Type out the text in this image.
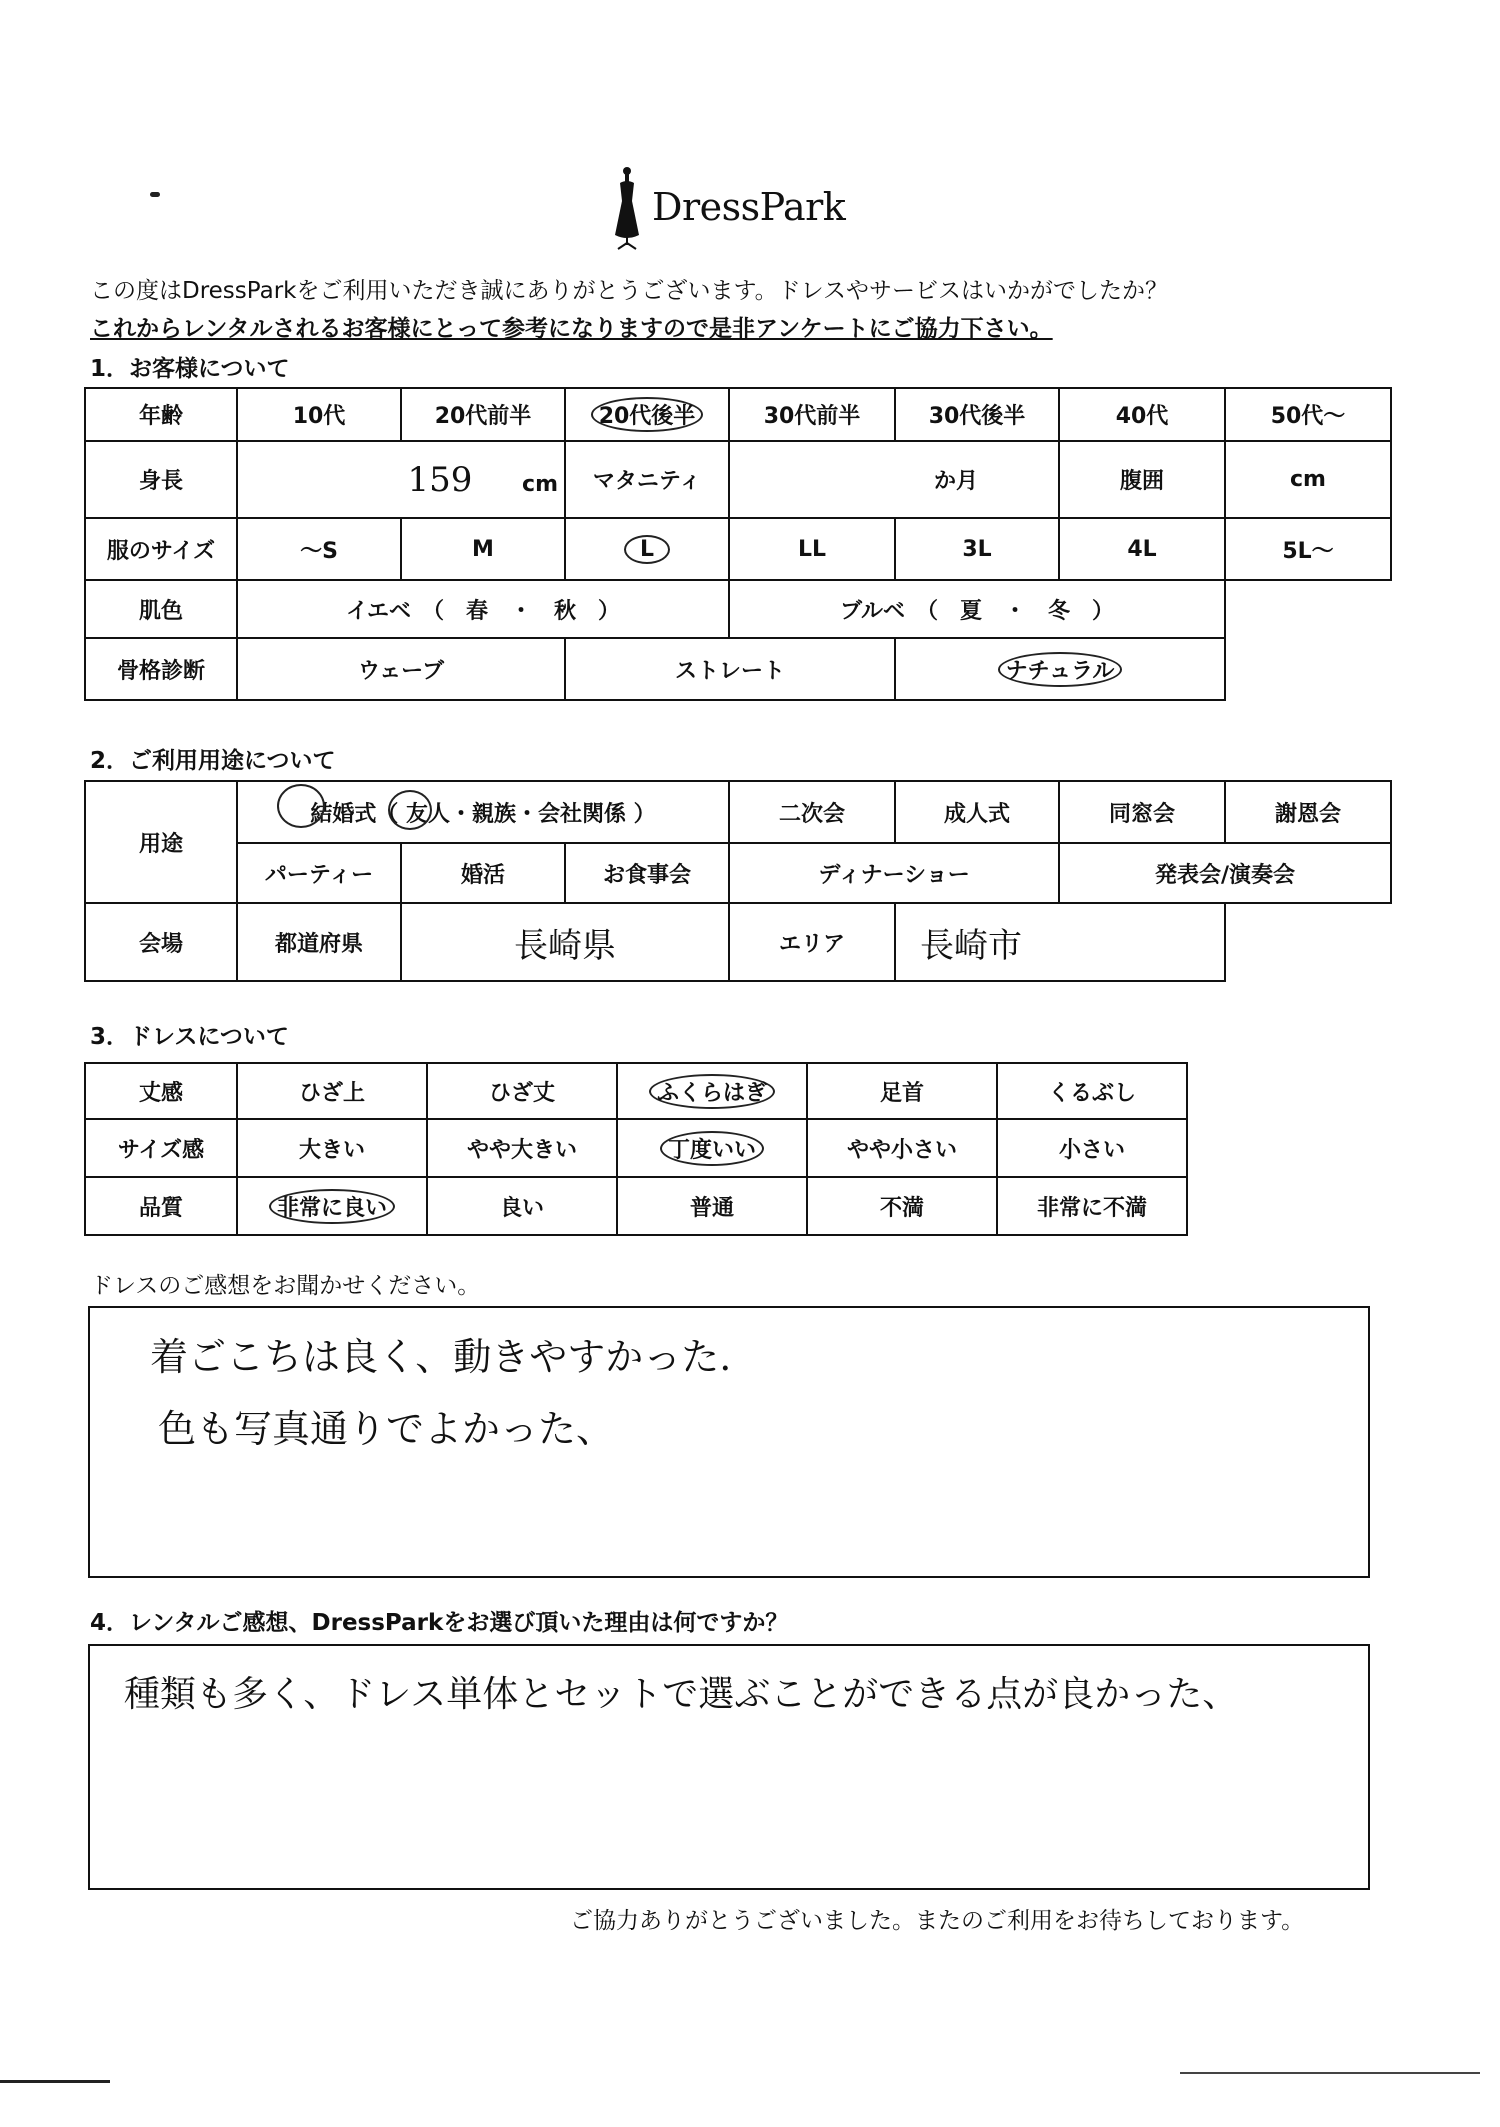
DressPark
この度はDressParkをご利用いただき誠にありがとうございます。ドレスやサービスはいかがでしたか？
これからレンタルされるお客様にとって参考になりますので是非アンケートにご協力下さい。
1．お客様について
年齢	10代	20代前半	20代後半	30代前半	30代後半	40代	50代～
身長	159 cm		マタニティ	か月		腹囲	cm
服のサイズ	～S	M	L	LL	3L	4L	5L～
肌色	イエベ　（　春　・　秋　）			ブルベ　（　夏　・　冬　）			
骨格診断	ウェーブ		ストレート		ナチュラル		
2．ご利用用途について
用途	結婚式（ 友人・親族・会社関係 ）			二次会	成人式	同窓会	謝恩会
	パーティー	婚活	お食事会	ディナーショー		発表会/演奏会	
会場	都道府県	長崎県		エリア	長崎市		
3．ドレスについて
丈感	ひざ上	ひざ丈	ふくらはぎ	足首	くるぶし
サイズ感	大きい	やや大きい	丁度いい	やや小さい	小さい
品質	非常に良い	良い	普通	不満	非常に不満
ドレスのご感想をお聞かせください。
着ごこちは良く、動きやすかった.
色も写真通りでよかった、
4．レンタルご感想、DressParkをお選び頂いた理由は何ですか？
種類も多く、ドレス単体とセットで選ぶことができる点が良かった、
ご協力ありがとうございました。またのご利用をお待ちしております。
